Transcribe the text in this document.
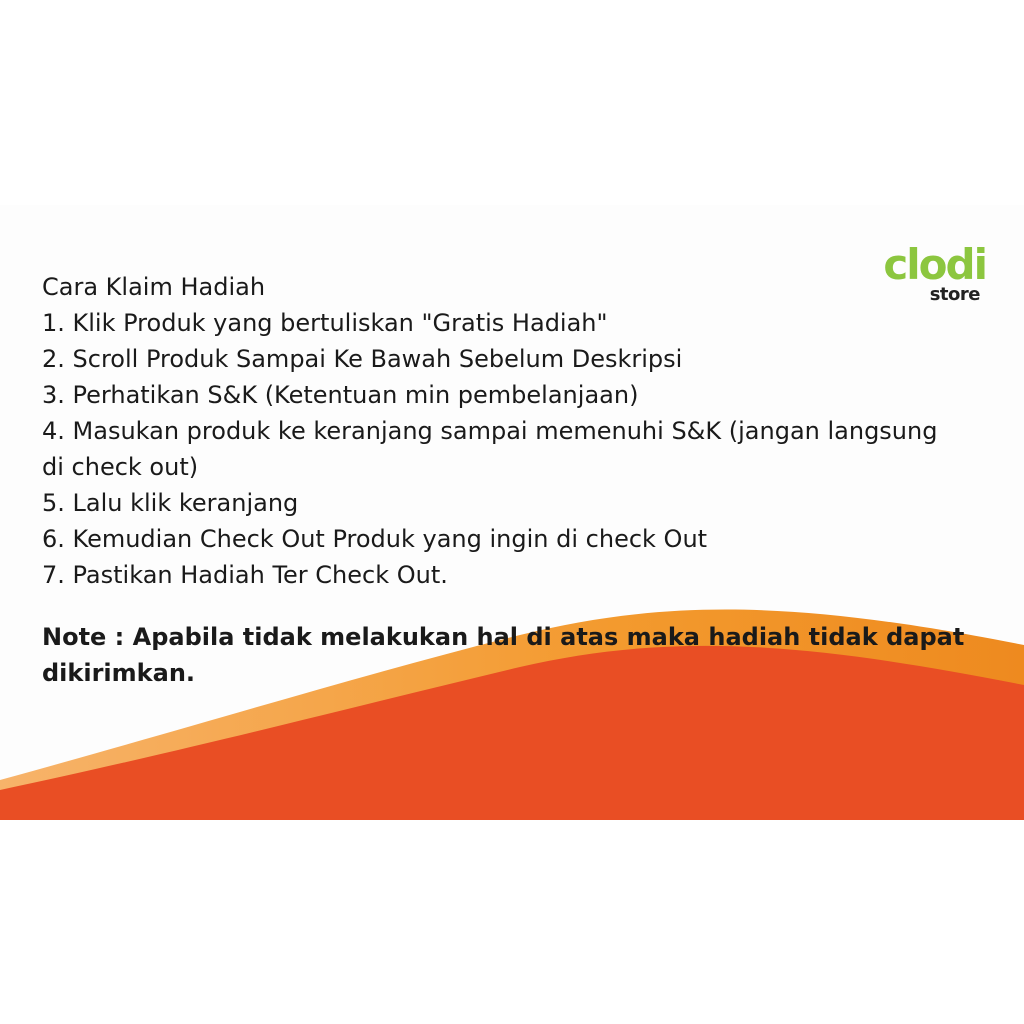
clodi
store
Cara Klaim Hadiah
1. Klik Produk yang bertuliskan "Gratis Hadiah"
2. Scroll Produk Sampai Ke Bawah Sebelum Deskripsi
3. Perhatikan S&K (Ketentuan min pembelanjaan)
4. Masukan produk ke keranjang sampai memenuhi S&K (jangan langsung di check out)
5. Lalu klik keranjang
6. Kemudian Check Out Produk yang ingin di check Out
7. Pastikan Hadiah Ter Check Out.
Note : Apabila tidak melakukan hal di atas maka hadiah tidak dapat dikirimkan.
